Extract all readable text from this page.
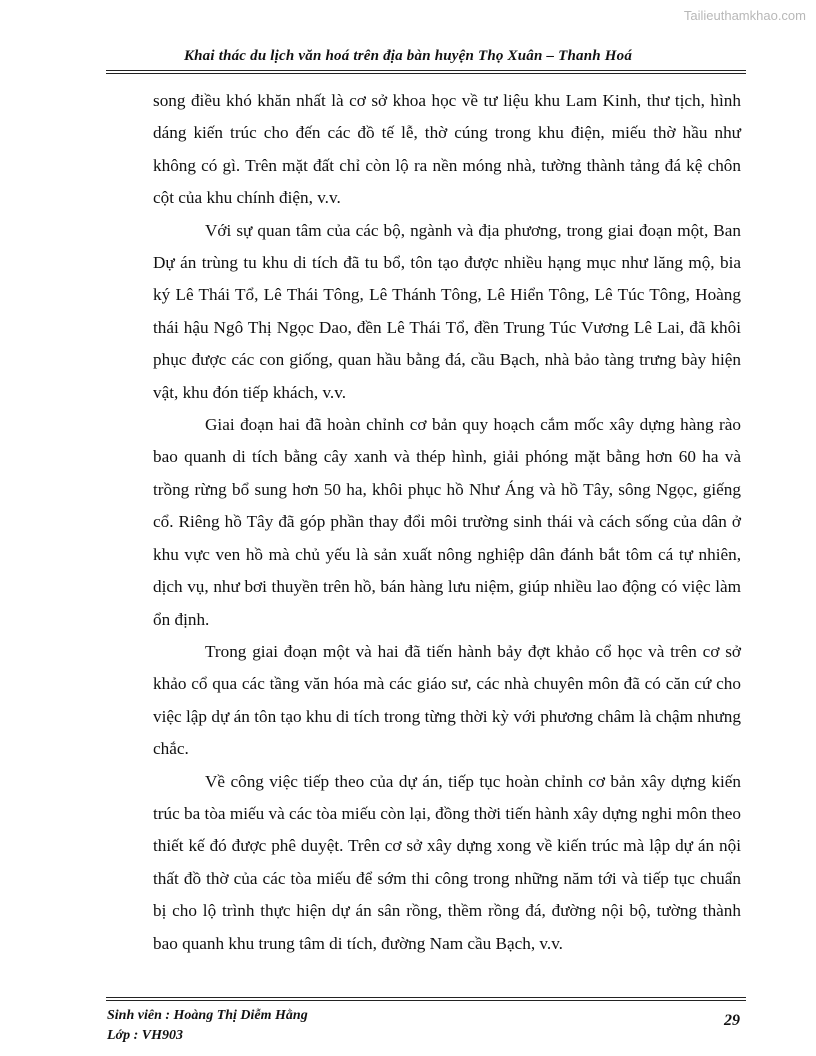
Tailieuthamkhao.com
Khai thác du lịch văn hoá trên địa bàn huyện Thọ Xuân – Thanh Hoá

song điều khó khăn nhất là cơ sở khoa học về tư liệu khu Lam Kinh, thư tịch, hình dáng kiến trúc cho đến các đồ tế lễ, thờ cúng trong khu điện, miếu thờ hầu như không có gì. Trên mặt đất chỉ còn lộ ra nền móng nhà, tường thành tảng đá kệ chôn cột của khu chính điện, v.v.

Với sự quan tâm của các bộ, ngành và địa phương, trong giai đoạn một, Ban Dự án trùng tu khu di tích đã tu bổ, tôn tạo được nhiều hạng mục như lăng mộ, bia ký Lê Thái Tổ, Lê Thái Tông, Lê Thánh Tông, Lê Hiển Tông, Lê Túc Tông, Hoàng thái hậu Ngô Thị Ngọc Dao, đền Lê Thái Tổ, đền Trung Túc Vương Lê Lai, đã khôi phục được các con giống, quan hầu bằng đá, cầu Bạch, nhà bảo tàng trưng bày hiện vật, khu đón tiếp khách, v.v.

Giai đoạn hai đã hoàn chỉnh cơ bản quy hoạch cắm mốc xây dựng hàng rào bao quanh di tích bằng cây xanh và thép hình, giải phóng mặt bằng hơn 60 ha và trồng rừng bổ sung hơn 50 ha, khôi phục hồ Như Áng và hồ Tây, sông Ngọc, giếng cổ. Riêng hồ Tây đã góp phần thay đổi môi trường sinh thái và cách sống của dân ở khu vực ven hồ mà chủ yếu là sản xuất nông nghiệp dân đánh bắt tôm cá tự nhiên, dịch vụ, như bơi thuyền trên hồ, bán hàng lưu niệm, giúp nhiều lao động có việc làm ổn định.

Trong giai đoạn một và hai đã tiến hành bảy đợt khảo cổ học và trên cơ sở khảo cổ qua các tầng văn hóa mà các giáo sư, các nhà chuyên môn đã có căn cứ cho việc lập dự án tôn tạo khu di tích trong từng thời kỳ với phương châm là chậm nhưng chắc.

Về công việc tiếp theo của dự án, tiếp tục hoàn chỉnh cơ bản xây dựng kiến trúc ba tòa miếu và các tòa miếu còn lại, đồng thời tiến hành xây dựng nghi môn theo thiết kế đó được phê duyệt. Trên cơ sở xây dựng xong về kiến trúc mà lập dự án nội thất đồ thờ của các tòa miếu để sớm thi công trong những năm tới và tiếp tục chuẩn bị cho lộ trình thực hiện dự án sân rồng, thềm rồng đá, đường nội bộ, tường thành bao quanh khu trung tâm di tích, đường Nam cầu Bạch, v.v.

Sinh viên : Hoàng Thị Diễm Hằng
Lớp : VH903
29
